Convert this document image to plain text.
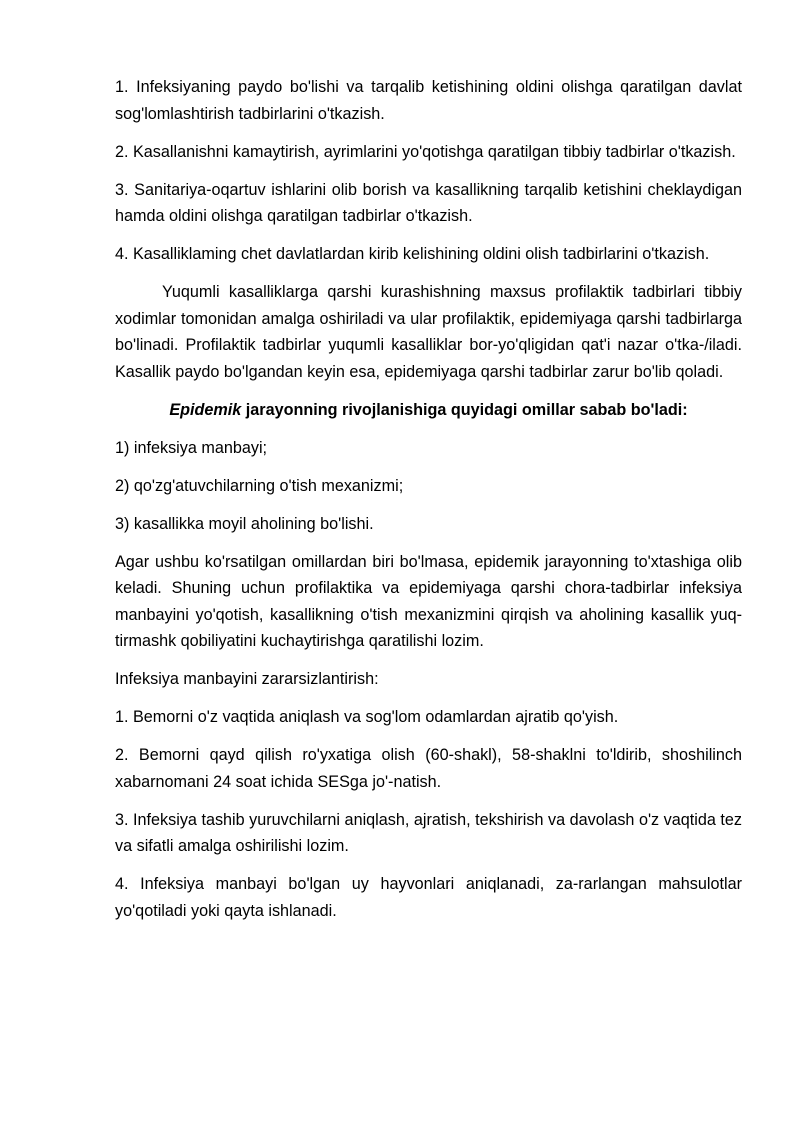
1. Infeksiyaning paydo bo'lishi va tarqalib ketishining oldini olishga qaratilgan davlat sog'lomlashtirish tadbirlarini o'tkazish.

2. Kasallanishni kamaytirish, ayrimlarini yo'qotishga qaratilgan tibbiy tadbirlar o'tkazish.

3. Sanitariya-oqartuv ishlarini olib borish va kasallikning tarqalib ketishini cheklaydigan hamda oldini olishga qaratilgan tadbirlar o'tkazish.

4. Kasalliklaming chet davlatlardan kirib kelishining oldini olish tadbirlarini o'tkazish.

Yuqumli kasalliklarga qarshi kurashishning maxsus profilaktik tadbirlari tibbiy xodimlar tomonidan amalga oshiriladi va ular profilaktik, epidemiyaga qarshi tadbirlarga bo'linadi. Profilaktik tadbirlar yuqumli kasalliklar bor-yo'qligidan qat'i nazar o'tka-/iladi. Kasallik paydo bo'lgandan keyin esa, epidemiyaga qarshi tadbirlar zarur bo'lib qoladi.

Epidemik jarayonning rivojlanishiga quyidagi omillar sabab bo'ladi:

1) infeksiya manbayi;

2) qo'zg'atuvchilarning o'tish mexanizmi;

3) kasallikka moyil aholining bo'lishi.

Agar ushbu ko'rsatilgan omillardan biri bo'lmasa, epidemik jarayonning to'xtashiga olib keladi. Shuning uchun profilaktika va epidemiyaga qarshi chora-tadbirlar infeksiya manbayini yo'qotish, kasallikning o'tish mexanizmini qirqish va aholining kasallik yuq-tirmashk qobiliyatini kuchaytirishga qaratilishi lozim.

Infeksiya manbayini zararsizlantirish:

1. Bemorni o'z vaqtida aniqlash va sog'lom odamlardan ajratib qo'yish.

2. Bemorni qayd qilish ro'yxatiga olish (60-shakl), 58-shaklni to'ldirib, shoshilinch xabarnomani 24 soat ichida SESga jo'-natish.

3. Infeksiya tashib yuruvchilarni aniqlash, ajratish, tekshirish va davolash o'z vaqtida tez va sifatli amalga oshirilishi lozim.

4. Infeksiya manbayi bo'lgan uy hayvonlari aniqlanadi, za-rarlangan mahsulotlar yo'qotiladi yoki qayta ishlanadi.
